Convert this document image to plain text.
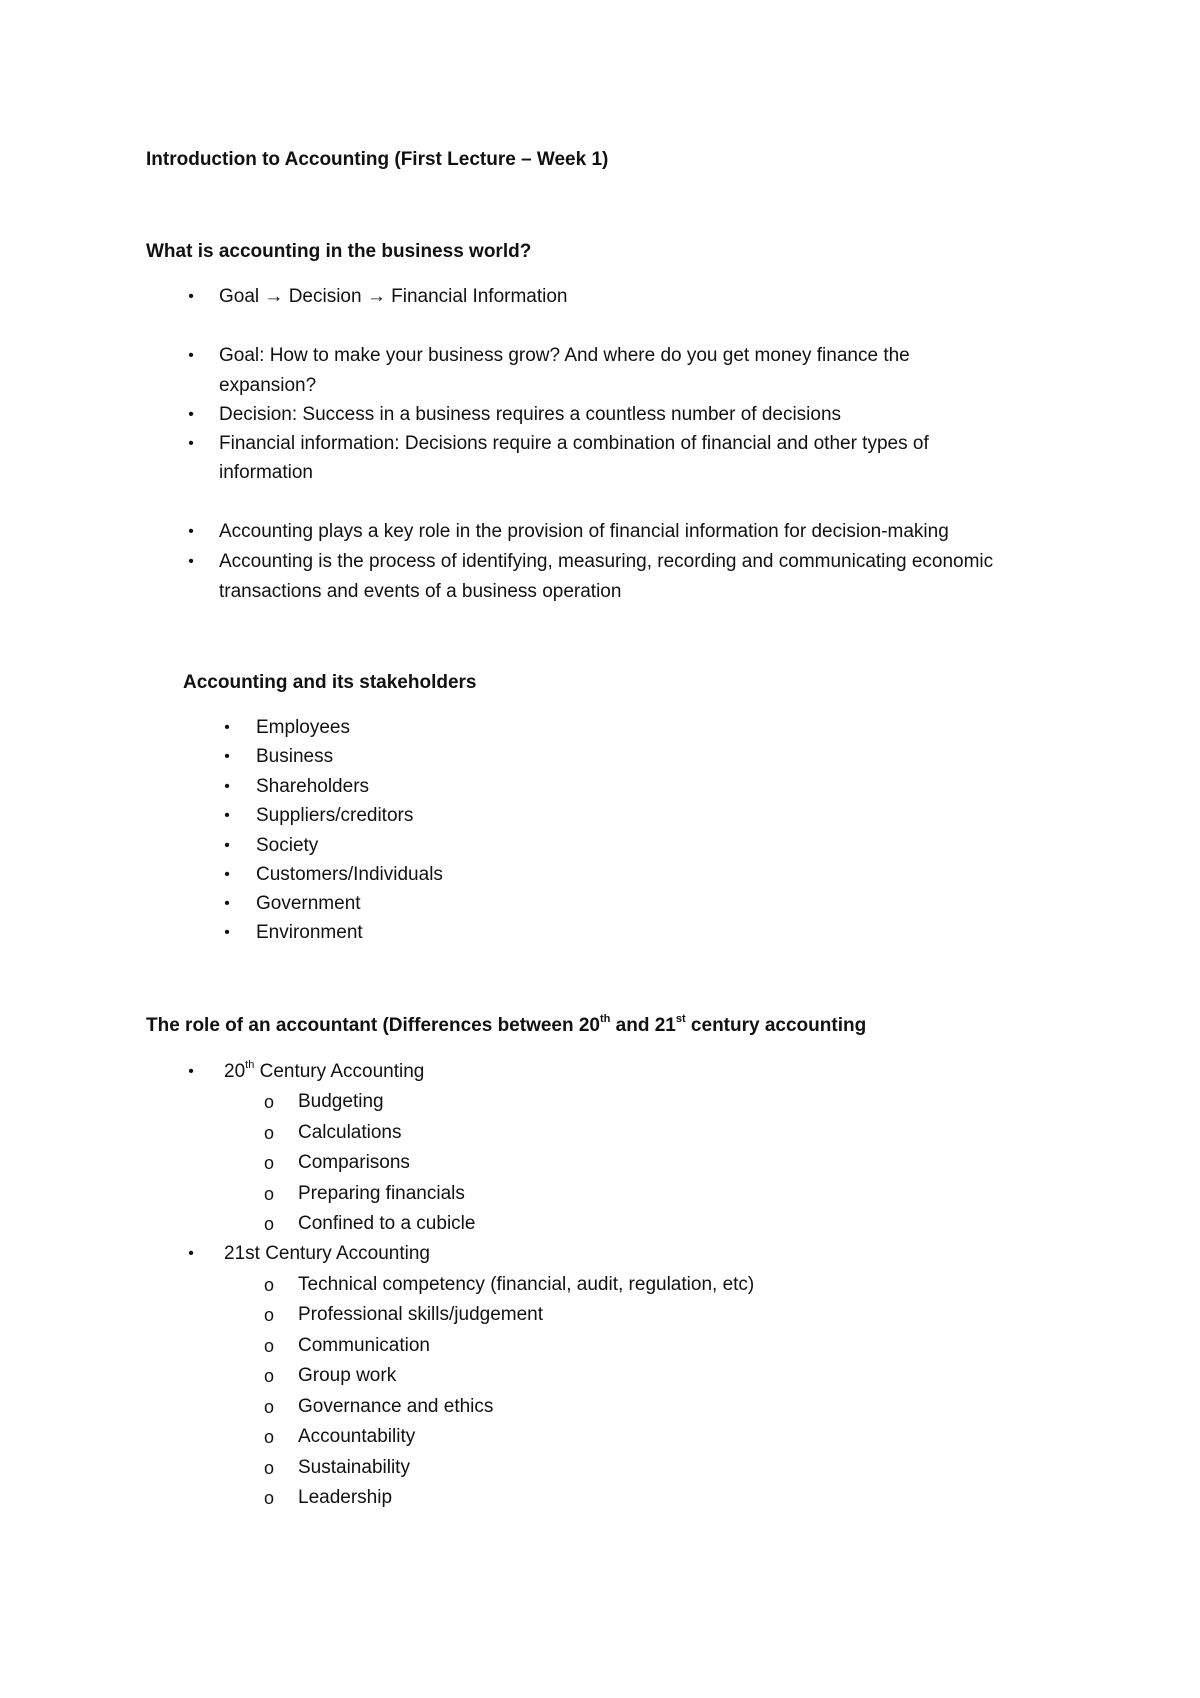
Introduction to Accounting (First Lecture – Week 1)
What is accounting in the business world?
• Goal → Decision → Financial Information
• Goal: How to make your business grow? And where do you get money finance the
expansion?
• Decision: Success in a business requires a countless number of decisions
• Financial information: Decisions require a combination of financial and other types of
information
• Accounting plays a key role in the provision of financial information for decision-making
• Accounting is the process of identifying, measuring, recording and communicating economic
transactions and events of a business operation
Accounting and its stakeholders
• Employees
• Business
• Shareholders
• Suppliers/creditors
• Society
• Customers/Individuals
• Government
• Environment
The role of an accountant (Differences between 20th and 21st century accounting
• 20th Century Accounting
o Budgeting
o Calculations
o Comparisons
o Preparing financials
o Confined to a cubicle
• 21st Century Accounting
o Technical competency (financial, audit, regulation, etc)
o Professional skills/judgement
o Communication
o Group work
o Governance and ethics
o Accountability
o Sustainability
o Leadership
